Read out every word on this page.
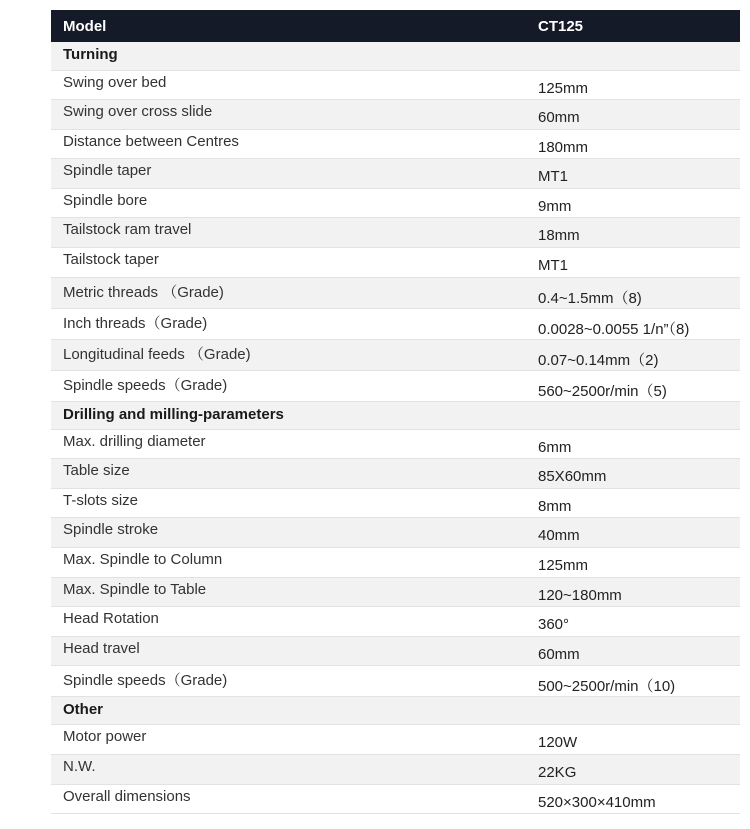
Model	CT125
Turning	
Swing over bed	125mm
Swing over cross slide	60mm
Distance between Centres	180mm
Spindle taper	MT1
Spindle bore	9mm
Tailstock ram travel	18mm
Tailstock taper	MT1
Metric threads （Grade)	0.4~1.5mm（8)
Inch threads（Grade)	0.0028~0.0055 1/n”（8)
Longitudinal feeds （Grade)	0.07~0.14mm（2)
Spindle speeds（Grade)	560~2500r/min（5)
Drilling and milling-parameters	
Max. drilling diameter	6mm
Table size	85X60mm
T-slots size	8mm
Spindle stroke	40mm
Max. Spindle to Column	125mm
Max. Spindle to Table	120~180mm
Head Rotation	360°
Head travel	60mm
Spindle speeds（Grade)	500~2500r/min（10)
Other	
Motor power	120W
N.W.	22KG
Overall dimensions	520×300×410mm
